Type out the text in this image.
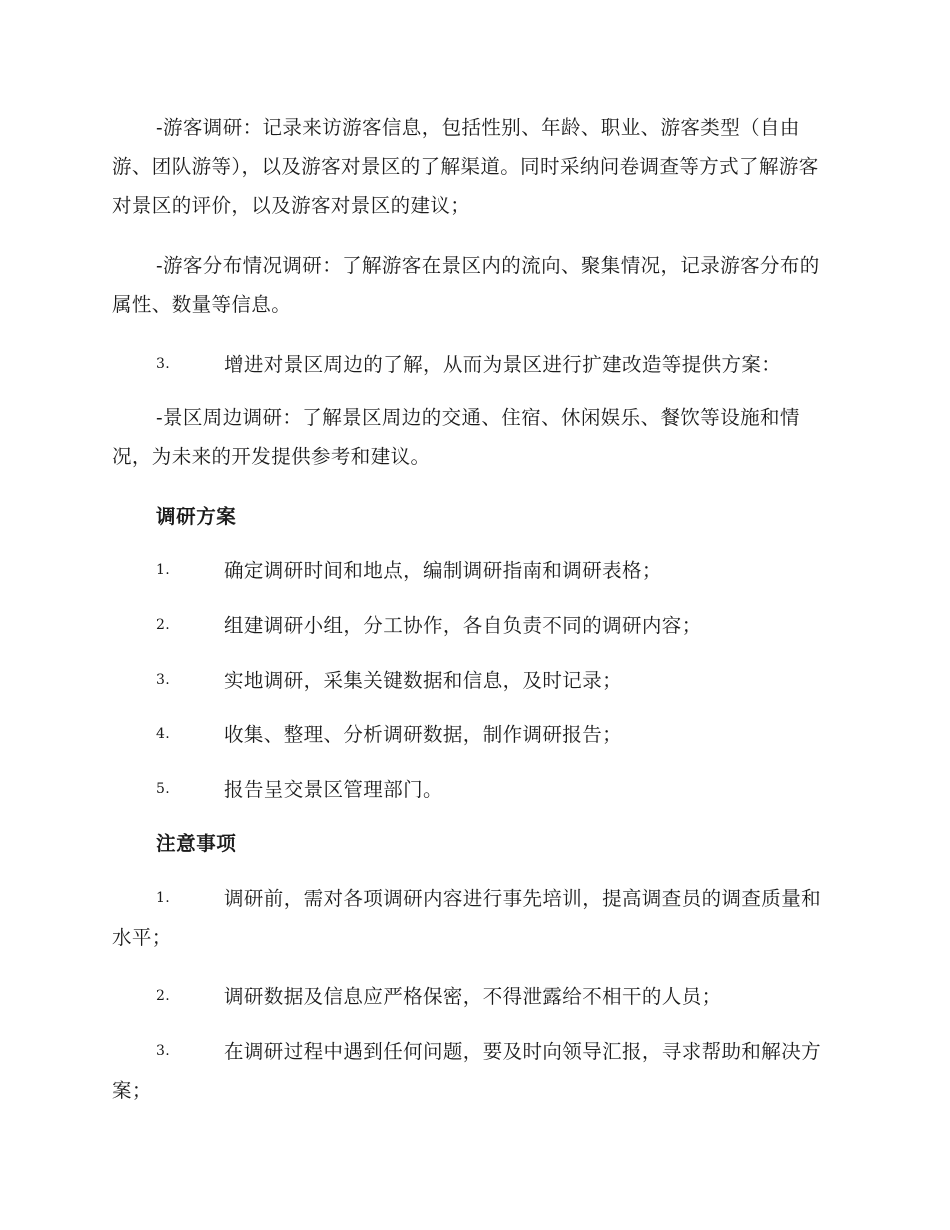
-游客调研：记录来访游客信息，包括性别、年龄、职业、游客类型（自由游、团队游等），以及游客对景区的了解渠道。同时采纳问卷调查等方式了解游客对景区的评价，以及游客对景区的建议；

-游客分布情况调研：了解游客在景区内的流向、聚集情况，记录游客分布的属性、数量等信息。

3.	增进对景区周边的了解，从而为景区进行扩建改造等提供方案：

-景区周边调研：了解景区周边的交通、住宿、休闲娱乐、餐饮等设施和情况，为未来的开发提供参考和建议。

调研方案

1.	确定调研时间和地点，编制调研指南和调研表格；

2.	组建调研小组，分工协作，各自负责不同的调研内容；

3.	实地调研，采集关键数据和信息，及时记录；

4.	收集、整理、分析调研数据，制作调研报告；

5.	报告呈交景区管理部门。

注意事项

1.	调研前，需对各项调研内容进行事先培训，提高调查员的调查质量和水平；

2.	调研数据及信息应严格保密，不得泄露给不相干的人员；

3.	在调研过程中遇到任何问题，要及时向领导汇报，寻求帮助和解决方案；
